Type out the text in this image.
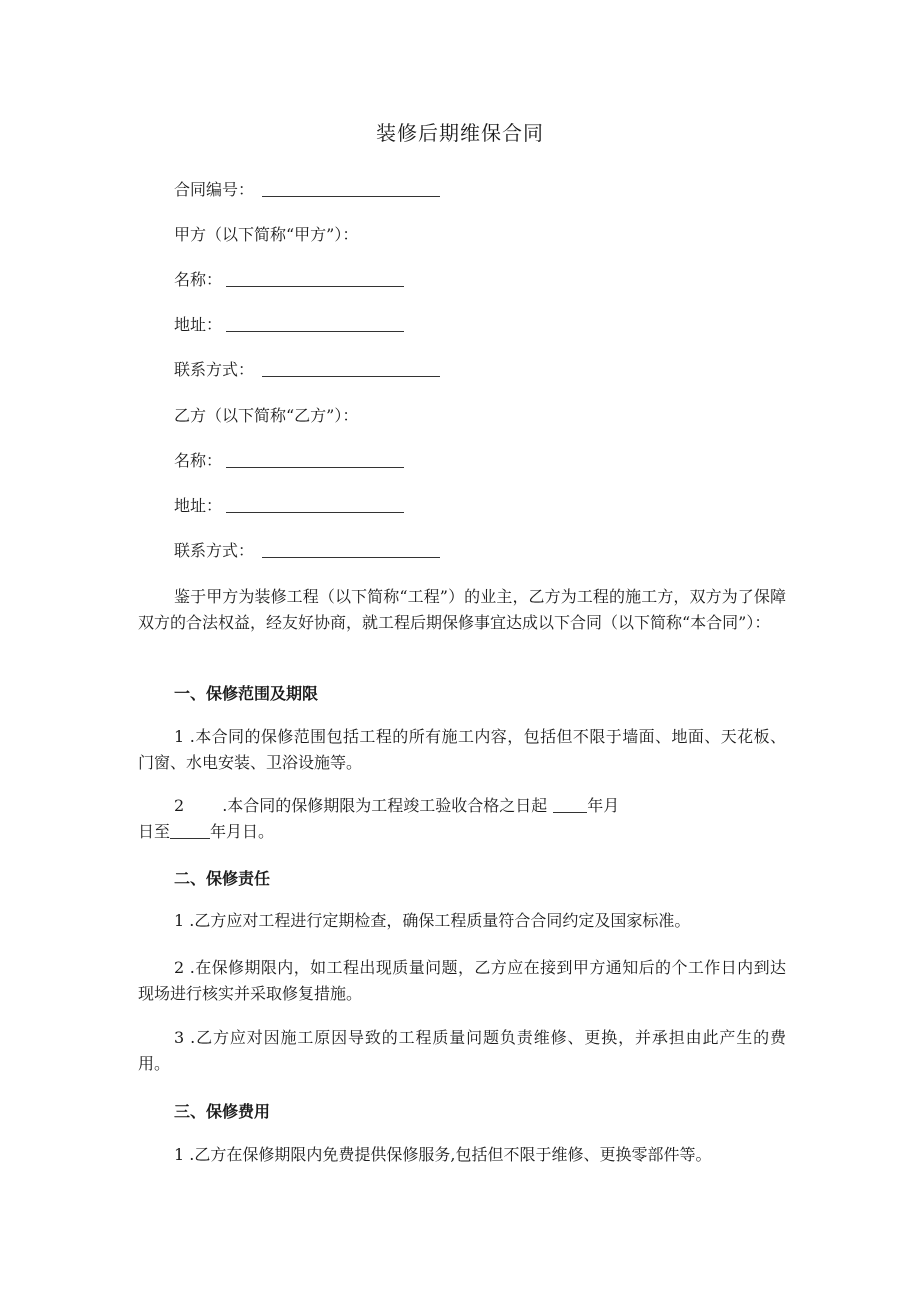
装修后期维保合同
合同编号：
甲方（以下简称“甲方”）：
名称：
地址：
联系方式：
乙方（以下简称“乙方”）：
名称：
地址：
联系方式：
鉴于甲方为装修工程（以下简称“工程”）的业主，乙方为工程的施工方，双方为了保障双方的合法权益，经友好协商，就工程后期保修事宜达成以下合同（以下简称“本合同”）：
一、保修范围及期限
1 .本合同的保修范围包括工程的所有施工内容，包括但不限于墙面、地面、天花板、门窗、水电安装、卫浴设施等。
2 .本合同的保修期限为工程竣工验收合格之日起	年月
日至	年月日。
二、保修责任
1 .乙方应对工程进行定期检查，确保工程质量符合合同约定及国家标准。
2 .在保修期限内，如工程出现质量问题，乙方应在接到甲方通知后的个工作日内到达现场进行核实并采取修复措施。
3 .乙方应对因施工原因导致的工程质量问题负责维修、更换，并承担由此产生的费用。
三、保修费用
1 .乙方在保修期限内免费提供保修服务,包括但不限于维修、更换零部件等。
